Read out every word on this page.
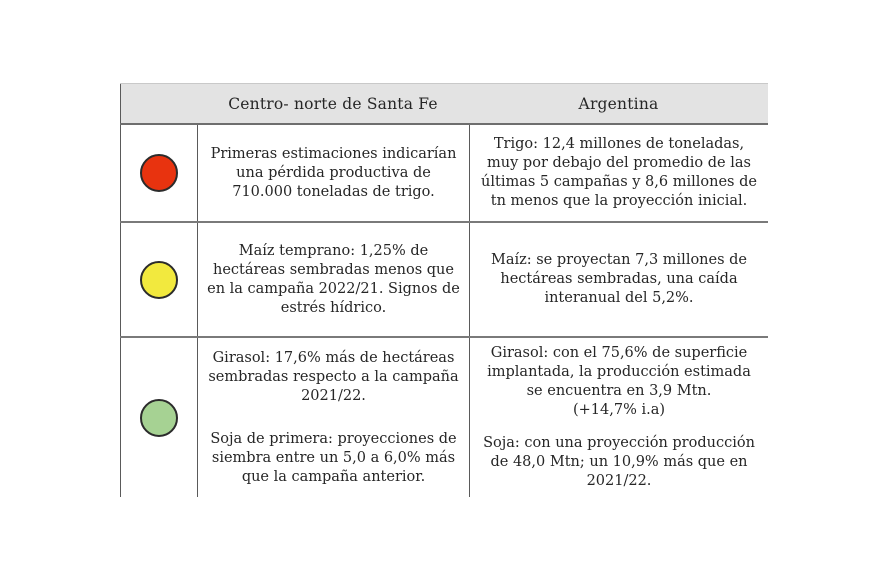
Centro- norte de Santa Fe	Argentina

Primeras estimaciones indicarían una pérdida productiva de 710.000 toneladas de trigo.

Trigo: 12,4 millones de toneladas, muy por debajo del promedio de las últimas 5 campañas y 8,6 millones de tn menos que la proyección inicial.

Maíz temprano: 1,25% de hectáreas sembradas menos que en la campaña 2022/21. Signos de estrés hídrico.

Maíz: se proyectan 7,3 millones de hectáreas sembradas, una caída interanual del 5,2%.

Girasol: 17,6% más de hectáreas sembradas respecto a la campaña 2021/22.

Soja de primera: proyecciones de siembra entre un 5,0 a 6,0% más que la campaña anterior.

Girasol: con el 75,6% de superficie implantada, la producción estimada se encuentra en 3,9 Mtn.

(+14,7% i.a)

Soja: con una proyección producción de 48,0 Mtn; un 10,9% más que en 2021/22.
